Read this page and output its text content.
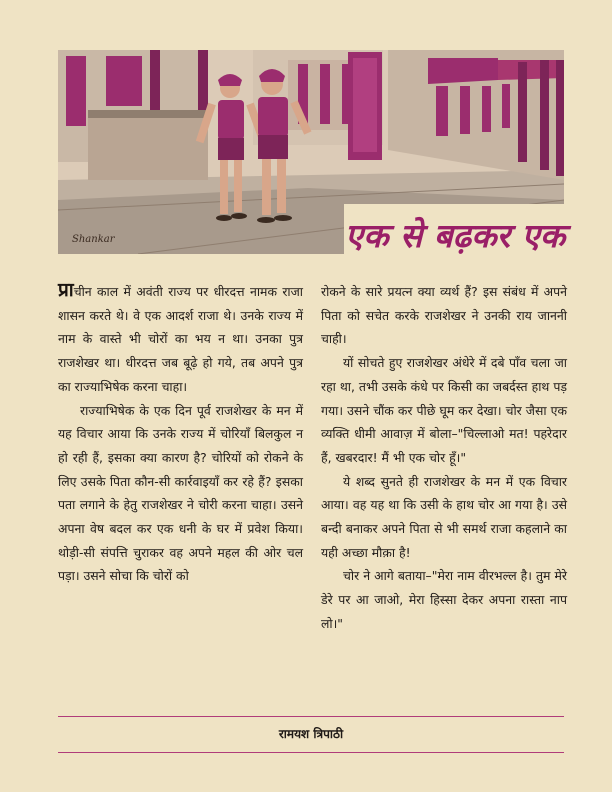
Shankar	एक से बढ़कर एक

प्राचीन काल में अवंती राज्य पर धीरदत्त नामक राजा शासन करते थे। वे एक आदर्श राजा थे। उनके राज्य में नाम के वास्ते भी चोरों का भय न था। उनका पुत्र राजशेखर था। धीरदत्त जब बूढ़े हो गये, तब अपने पुत्र का राज्याभिषेक करना चाहा।

राज्याभिषेक के एक दिन पूर्व राजशेखर के मन में यह विचार आया कि उनके राज्य में चोरियाँ बिलकुल न हो रही हैं, इसका क्या कारण है? चोरियों को रोकने के लिए उसके पिता कौन-सी कार्रवाइयाँ कर रहे हैं? इसका पता लगाने के हेतु राजशेखर ने चोरी करना चाहा। उसने अपना वेष बदल कर एक धनी के घर में प्रवेश किया। थोड़ी-सी संपत्ति चुराकर वह अपने महल की ओर चल पड़ा। उसने सोचा कि चोरों को

रोकने के सारे प्रयत्न क्या व्यर्थ हैं? इस संबंध में अपने पिता को सचेत करके राजशेखर ने उनकी राय जाननी चाही।

यों सोचते हुए राजशेखर अंधेरे में दबे पाँव चला जा रहा था, तभी उसके कंधे पर किसी का जबर्दस्त हाथ पड़ गया। उसने चौंक कर पीछे घूम कर देखा। चोर जैसा एक व्यक्ति धीमी आवाज़ में बोला–"चिल्लाओ मत! पहरेदार हैं, खबरदार! मैं भी एक चोर हूँ।"

ये शब्द सुनते ही राजशेखर के मन में एक विचार आया। वह यह था कि उसी के हाथ चोर आ गया है। उसे बन्दी बनाकर अपने पिता से भी समर्थ राजा कहलाने का यही अच्छा मौक़ा है!

चोर ने आगे बताया–"मेरा नाम वीरभल्ल है। तुम मेरे डेरे पर आ जाओ, मेरा हिस्सा देकर अपना रास्ता नाप लो।"

रामयश त्रिपाठी
